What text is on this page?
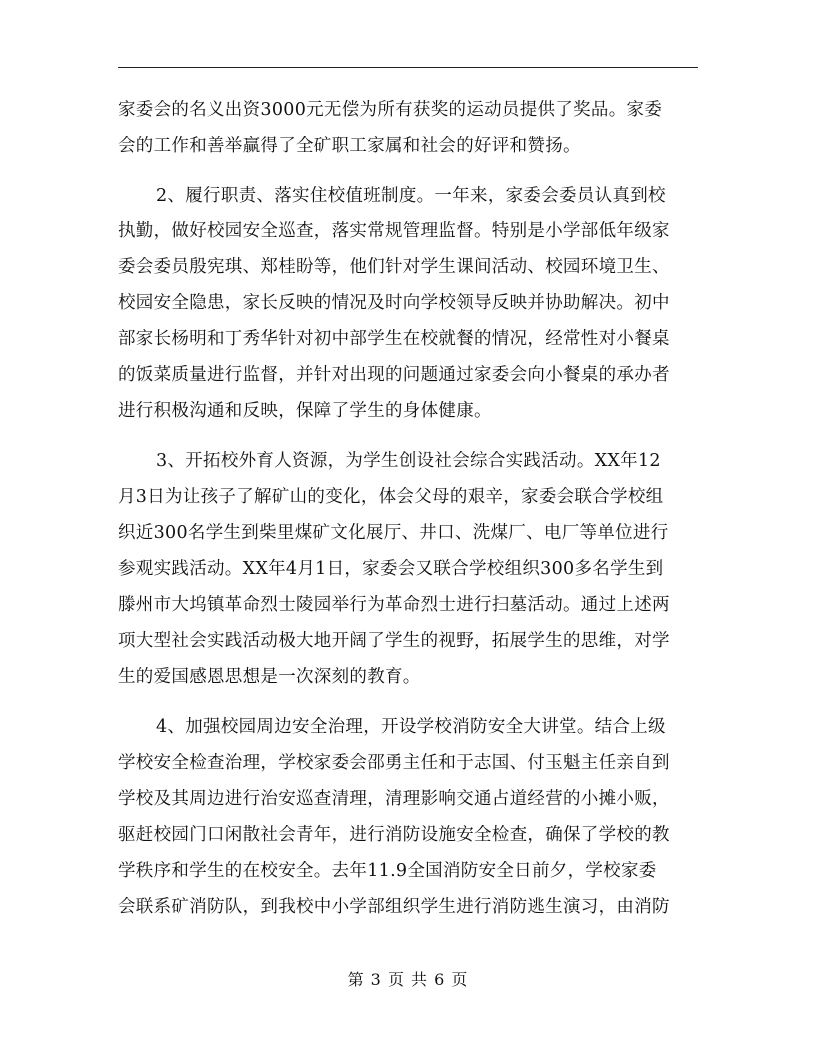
家委会的名义出资3000元无偿为所有获奖的运动员提供了奖品。家委
会的工作和善举赢得了全矿职工家属和社会的好评和赞扬。
2、履行职责、落实住校值班制度。一年来，家委会委员认真到校
执勤，做好校园安全巡查，落实常规管理监督。特别是小学部低年级家
委会委员殷宪琪、郑桂盼等，他们针对学生课间活动、校园环境卫生、
校园安全隐患，家长反映的情况及时向学校领导反映并协助解决。初中
部家长杨明和丁秀华针对初中部学生在校就餐的情况，经常性对小餐桌
的饭菜质量进行监督，并针对出现的问题通过家委会向小餐桌的承办者
进行积极沟通和反映，保障了学生的身体健康。
3、开拓校外育人资源，为学生创设社会综合实践活动。XX年12
月3日为让孩子了解矿山的变化，体会父母的艰辛，家委会联合学校组
织近300名学生到柴里煤矿文化展厅、井口、洗煤厂、电厂等单位进行
参观实践活动。XX年4月1日，家委会又联合学校组织300多名学生到
滕州市大坞镇革命烈士陵园举行为革命烈士进行扫墓活动。通过上述两
项大型社会实践活动极大地开阔了学生的视野，拓展学生的思维，对学
生的爱国感恩思想是一次深刻的教育。
4、加强校园周边安全治理，开设学校消防安全大讲堂。结合上级
学校安全检查治理，学校家委会邵勇主任和于志国、付玉魁主任亲自到
学校及其周边进行治安巡查清理，清理影响交通占道经营的小摊小贩，
驱赶校园门口闲散社会青年，进行消防设施安全检查，确保了学校的教
学秩序和学生的在校安全。去年11.9全国消防安全日前夕，学校家委
会联系矿消防队，到我校中小学部组织学生进行消防逃生演习，由消防
第 3 页 共 6 页
